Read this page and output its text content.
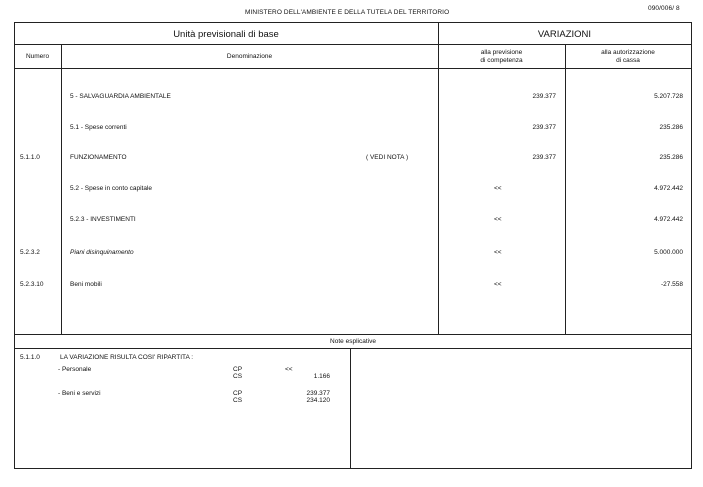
MINISTERO DELL'AMBIENTE E DELLA TUTELA DEL TERRITORIO
090/006/ 8
Unità previsionali di base	VARIAZIONI
Numero	Denominazione
alla previsione
di competenza
alla autorizzazione
di cassa
5 - SALVAGUARDIA AMBIENTALE	239.377	5.207.728
5.1 - Spese correnti	239.377	235.286
5.1.1.0	FUNZIONAMENTO	( VEDI NOTA )	239.377	235.286
5.2 - Spese in conto capitale	<<	4.972.442
5.2.3 - INVESTIMENTI	<<	4.972.442
5.2.3.2	Piani disinquinamento	<<	5.000.000
5.2.3.10	Beni mobili	<<	-27.558
Note esplicative
5.1.1.0	LA VARIAZIONE RISULTA COSI' RIPARTITA :
- Personale	CP	<<
CS	1.166
- Beni e servizi	CP	239.377
CS	234.120
